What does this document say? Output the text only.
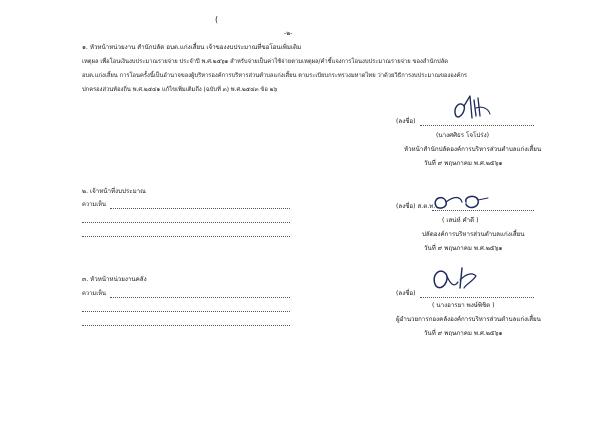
-๒-
(
๑. หัวหน้าหน่วยงาน สำนักปลัด อบต.แก่งเสี้ยน เจ้าของงบประมาณที่ขอโอนเพิ่มเติม
เหตุผล เพื่อโอนเงินงบประมาณรายจ่าย ประจำปี พ.ศ.๒๕๖๑ สำหรับจ่ายเป็นค่าใช้จ่ายตามเหตุผล/คำชี้แจงการโอนงบประมาณรายจ่าย ของสำนักปลัด
อบต.แก่งเสี้ยน การโอนครั้งนี้เป็นอำนาจของผู้บริหารองค์การบริหารส่วนตำบลแก่งเสี้ยน ตามระเบียบกระทรวงมหาดไทย ว่าด้วยวิธีการงบประมาณขององค์กร
ปกครองส่วนท้องถิ่น พ.ศ.๒๕๔๑ แก้ไขเพิ่มเติมถึง (ฉบับที่ ๓) พ.ศ.๒๕๔๓ ข้อ ๒๖
(ลงชื่อ)
(นางศศิธร โจโปร่ง)
หัวหน้าสำนักปลัดองค์การบริหารส่วนตำบลแก่งเสี้ยน
วันที่ ๙ พฤษภาคม พ.ศ.๒๕๖๑
๒. เจ้าหน้าที่งบประมาณ
ความเห็น	(ลงชื่อ) ส.ต.ท.
( เสน่ห์ คำดี )
ปลัดองค์การบริหารส่วนตำบลแก่งเสี้ยน
วันที่ ๙ พฤษภาคม พ.ศ.๒๕๖๑
๓. หัวหน้าหน่วยงานคลัง
ความเห็น	(ลงชื่อ)
( นางอารยา พงษ์พิชิต )
ผู้อำนวยการกองคลังองค์การบริหารส่วนตำบลแก่งเสี้ยน
วันที่ ๙ พฤษภาคม พ.ศ.๒๕๖๑
